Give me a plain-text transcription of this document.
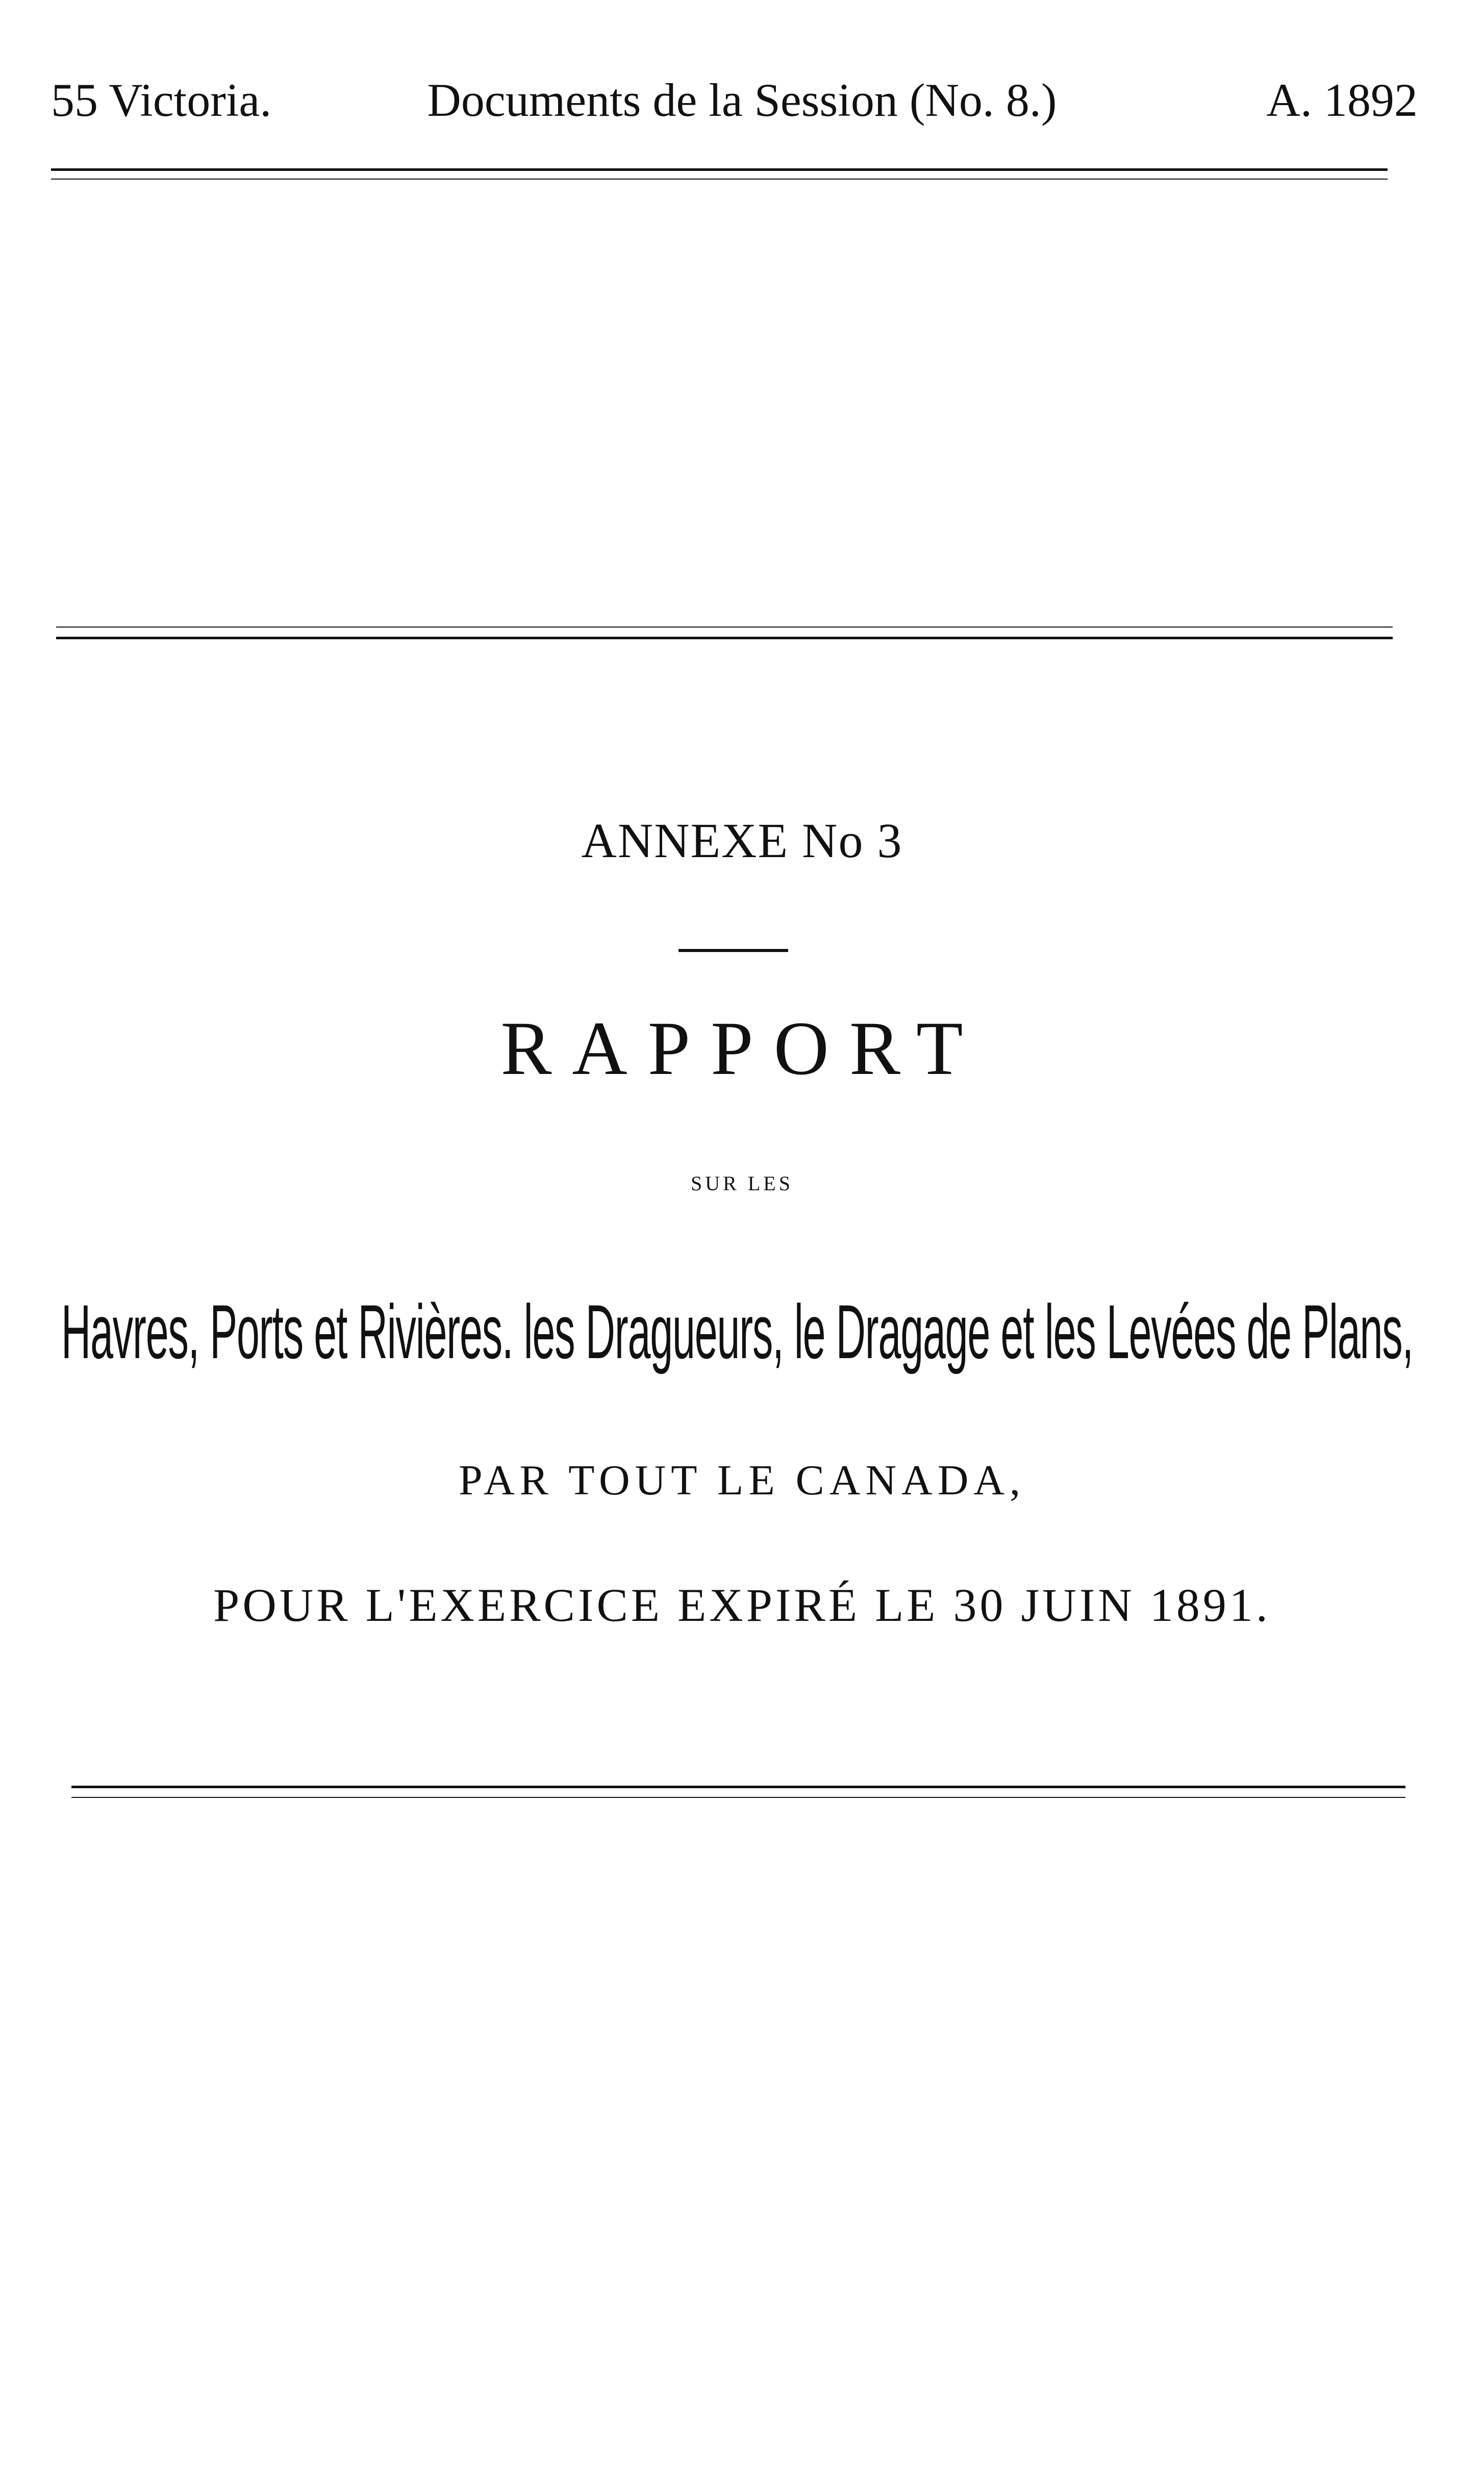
55 Victoria.	Documents de la Session (No. 8.)	A. 1892
ANNEXE No 3
RAPPORT
SUR LES
Havres, Ports et Rivières. les Dragueurs, le Dragage et les Levées de Plans,
PAR TOUT LE CANADA,
POUR L'EXERCICE EXPIRÉ LE 30 JUIN 1891.
